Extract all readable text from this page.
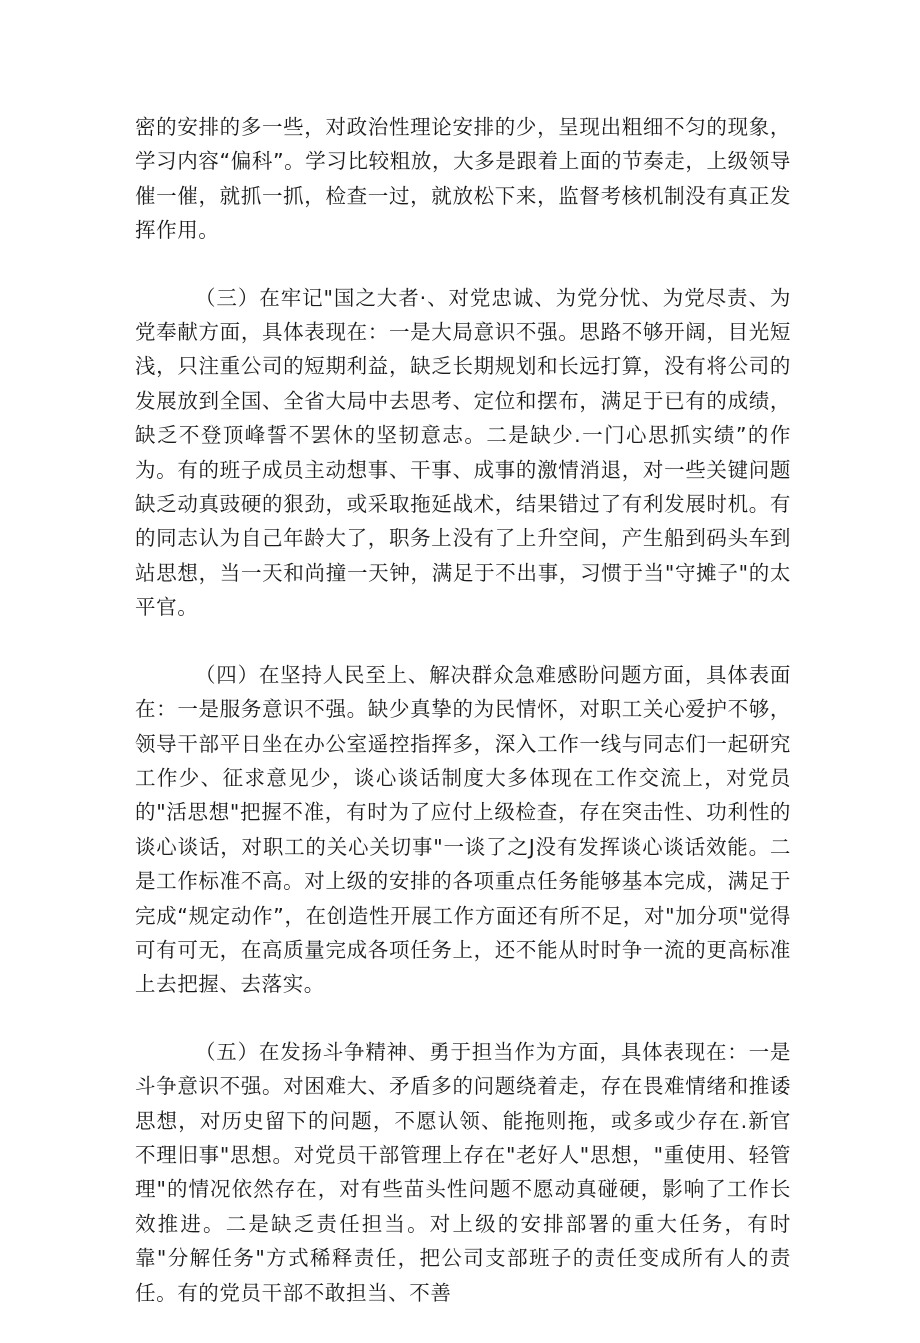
密的安排的多一些，对政治性理论安排的少，呈现出粗细不匀的现象，学习内容“偏科”。学习比较粗放，大多是跟着上面的节奏走，上级领导催一催，就抓一抓，检查一过，就放松下来，监督考核机制没有真正发挥作用。

（三）在牢记"国之大者·、对党忠诚、为党分忧、为党尽责、为党奉献方面，具体表现在：一是大局意识不强。思路不够开阔，目光短浅，只注重公司的短期利益，缺乏长期规划和长远打算，没有将公司的发展放到全国、全省大局中去思考、定位和摆布，满足于已有的成绩，缺乏不登顶峰誓不罢休的坚韧意志。二是缺少.一门心思抓实绩”的作为。有的班子成员主动想事、干事、成事的激情消退，对一些关键问题缺乏动真豉硬的狠劲，或采取拖延战术，结果错过了有利发展时机。有的同志认为自己年龄大了，职务上没有了上升空间，产生船到码头车到站思想，当一天和尚撞一天钟，满足于不出事，习惯于当"守摊子"的太平官。

（四）在坚持人民至上、解决群众急难感盼问题方面，具体表面在：一是服务意识不强。缺少真挚的为民情怀，对职工关心爱护不够，领导干部平日坐在办公室遥控指挥多，深入工作一线与同志们一起研究工作少、征求意见少，谈心谈话制度大多体现在工作交流上，对党员的"活思想"把握不准，有时为了应付上级检查，存在突击性、功利性的谈心谈话，对职工的关心关切事"一谈了之J没有发挥谈心谈话效能。二是工作标准不高。对上级的安排的各项重点任务能够基本完成，满足于完成“规定动作”，在创造性开展工作方面还有所不足，对"加分项"觉得可有可无，在高质量完成各项任务上，还不能从时时争一流的更高标准上去把握、去落实。

（五）在发扬斗争精神、勇于担当作为方面，具体表现在：一是斗争意识不强。对困难大、矛盾多的问题绕着走，存在畏难情绪和推诿思想，对历史留下的问题，不愿认领、能拖则拖，或多或少存在.新官不理旧事"思想。对党员干部管理上存在"老好人"思想，"重使用、轻管理"的情况依然存在，对有些苗头性问题不愿动真碰硬，影响了工作长效推进。二是缺乏责任担当。对上级的安排部署的重大任务，有时靠"分解任务"方式稀释责任，把公司支部班子的责任变成所有人的责任。有的党员干部不敢担当、不善
